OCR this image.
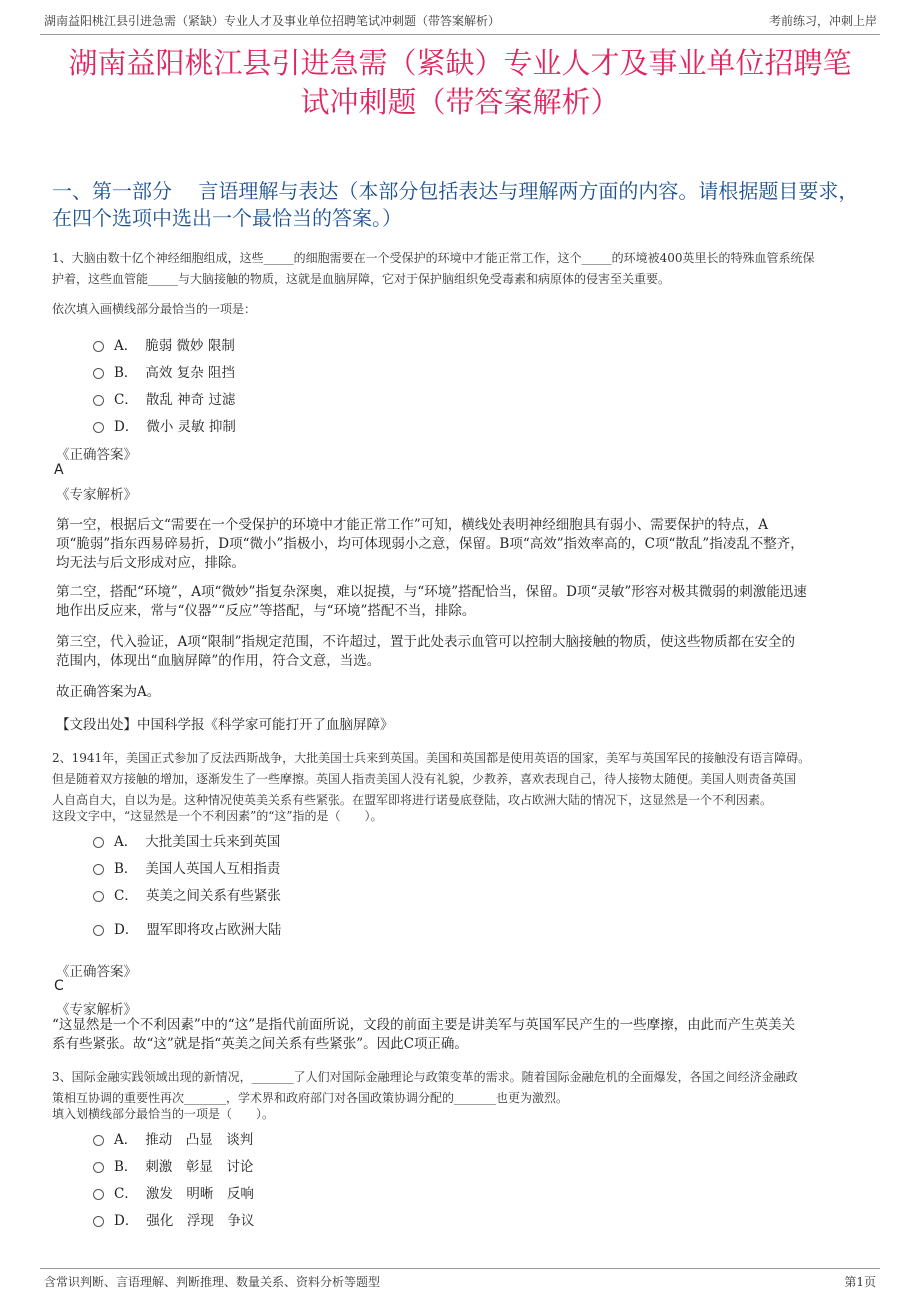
湖南益阳桃江县引进急需（紧缺）专业人才及事业单位招聘笔试冲刺题（带答案解析）	考前练习，冲刺上岸
湖南益阳桃江县引进急需（紧缺）专业人才及事业单位招聘笔
试冲刺题（带答案解析）
一、第一部分　 言语理解与表达（本部分包括表达与理解两方面的内容。请根据题目要求，在四个选项中选出一个最恰当的答案。）
1、大脑由数十亿个神经细胞组成，这些_____的细胞需要在一个受保护的环境中才能正常工作，这个_____的环境被400英里长的特殊血管系统保
护着，这些血管能_____与大脑接触的物质，这就是血脑屏障，它对于保护脑组织免受毒素和病原体的侵害至关重要。
依次填入画横线部分最恰当的一项是：
A． 脆弱 微妙 限制
B． 高效 复杂 阻挡
C． 散乱 神奇 过滤
D． 微小 灵敏 抑制
《正确答案》
A
《专家解析》
第一空，根据后文“需要在一个受保护的环境中才能正常工作”可知，横线处表明神经细胞具有弱小、需要保护的特点，A
项“脆弱”指东西易碎易折，D项“微小”指极小，均可体现弱小之意，保留。B项“高效”指效率高的，C项“散乱”指凌乱不整齐，
均无法与后文形成对应，排除。
第二空，搭配“环境”，A项“微妙”指复杂深奥，难以捉摸，与“环境”搭配恰当，保留。D项“灵敏”形容对极其微弱的刺激能迅速
地作出反应来，常与“仪器”“反应”等搭配，与“环境”搭配不当，排除。
第三空，代入验证，A项“限制”指规定范围，不许超过，置于此处表示血管可以控制大脑接触的物质，使这些物质都在安全的
范围内，体现出“血脑屏障”的作用，符合文意，当选。
故正确答案为A。
【文段出处】中国科学报《科学家可能打开了血脑屏障》
2、1941年，美国正式参加了反法西斯战争，大批美国士兵来到英国。美国和英国都是使用英语的国家，美军与英国军民的接触没有语言障碍。
但是随着双方接触的增加，逐渐发生了一些摩擦。英国人指责美国人没有礼貌，少教养，喜欢表现自己，待人接物太随便。美国人则责备英国
人自高自大，自以为是。这种情况使英美关系有些紧张。在盟军即将进行诺曼底登陆，攻占欧洲大陆的情况下，这显然是一个不利因素。
这段文字中，“这显然是一个不利因素”的“这”指的是（　　）。
A． 大批美国士兵来到英国
B． 美国人英国人互相指责
C． 英美之间关系有些紧张
D． 盟军即将攻占欧洲大陆
《正确答案》
C
《专家解析》
“这显然是一个不利因素”中的“这”是指代前面所说，文段的前面主要是讲美军与英国军民产生的一些摩擦，由此而产生英美关
系有些紧张。故“这”就是指“英美之间关系有些紧张”。因此C项正确。
3、国际金融实践领域出现的新情况，_______了人们对国际金融理论与政策变革的需求。随着国际金融危机的全面爆发，各国之间经济金融政
策相互协调的重要性再次_______，学术界和政府部门对各国政策协调分配的_______也更为激烈。
填入划横线部分最恰当的一项是（　　）。
A． 推动　凸显　谈判
B． 刺激　彰显　讨论
C． 激发　明晰　反响
D． 强化　浮现　争议
含常识判断、言语理解、判断推理、数量关系、资料分析等题型	第1页
